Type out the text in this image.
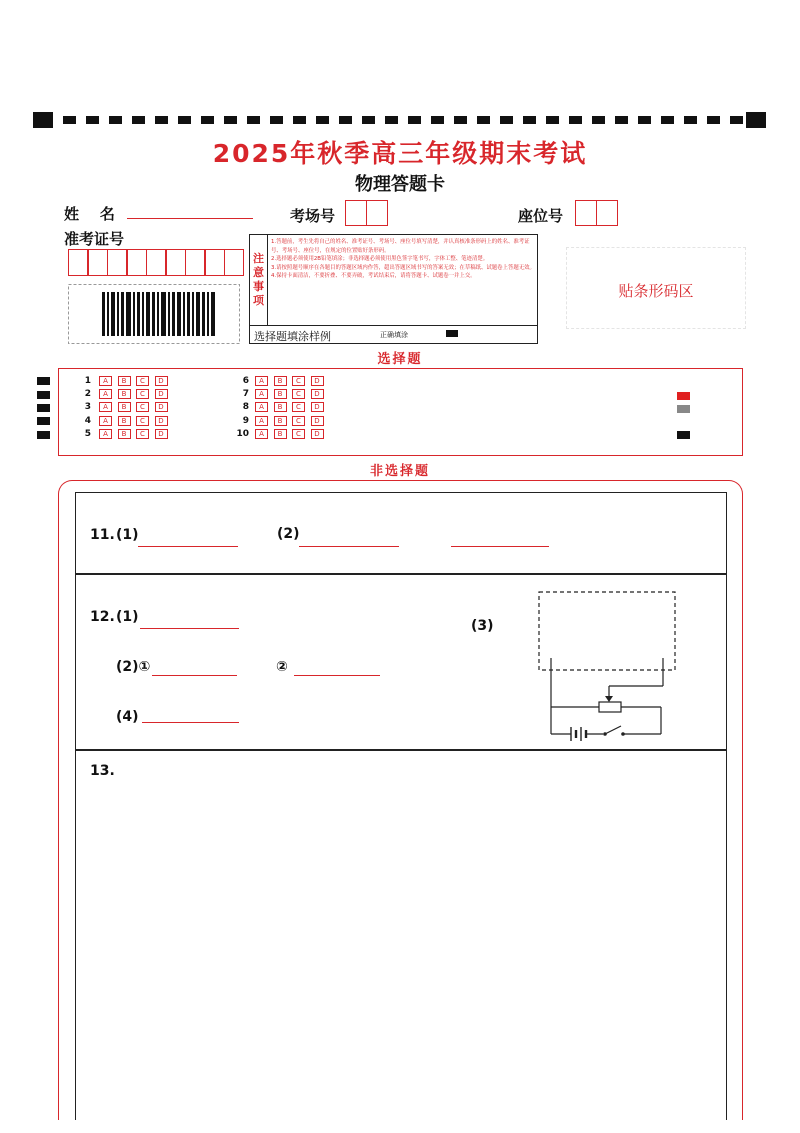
2025年秋季高三年级期末考试
物理答题卡
姓    名	考场号	座位号
准考证号
注
意
事
项
1.答题前，考生先将自己的姓名、准考证号、考场号、座位号填写清楚，并认真核准条形码上的姓名、准考证号、考场号、座位号，在规定的位置贴好条形码。
2.选择题必须使用2B铅笔填涂；非选择题必须使用黑色签字笔书写，字体工整、笔迹清楚。
3.请按照题号顺序在各题目的答题区域内作答，超出答题区域书写的答案无效；在草稿纸、试题卷上答题无效。
4.保持卡面清洁，不要折叠、不要弄破，考试结束后，请将答题卡、试题卷一并上交。
选择题填涂样例	正确填涂
贴条形码区
选择题
1	A	B	C	D
2	A	B	C	D
3	A	B	C	D
4	A	B	C	D
5	A	B	C	D
6	A	B	C	D
7	A	B	C	D
8	A	B	C	D
9	A	B	C	D
10	A	B	C	D
非选择题
11. (1)	(2)
12. (1)
(2)①	②
(4)
(3)
13.
